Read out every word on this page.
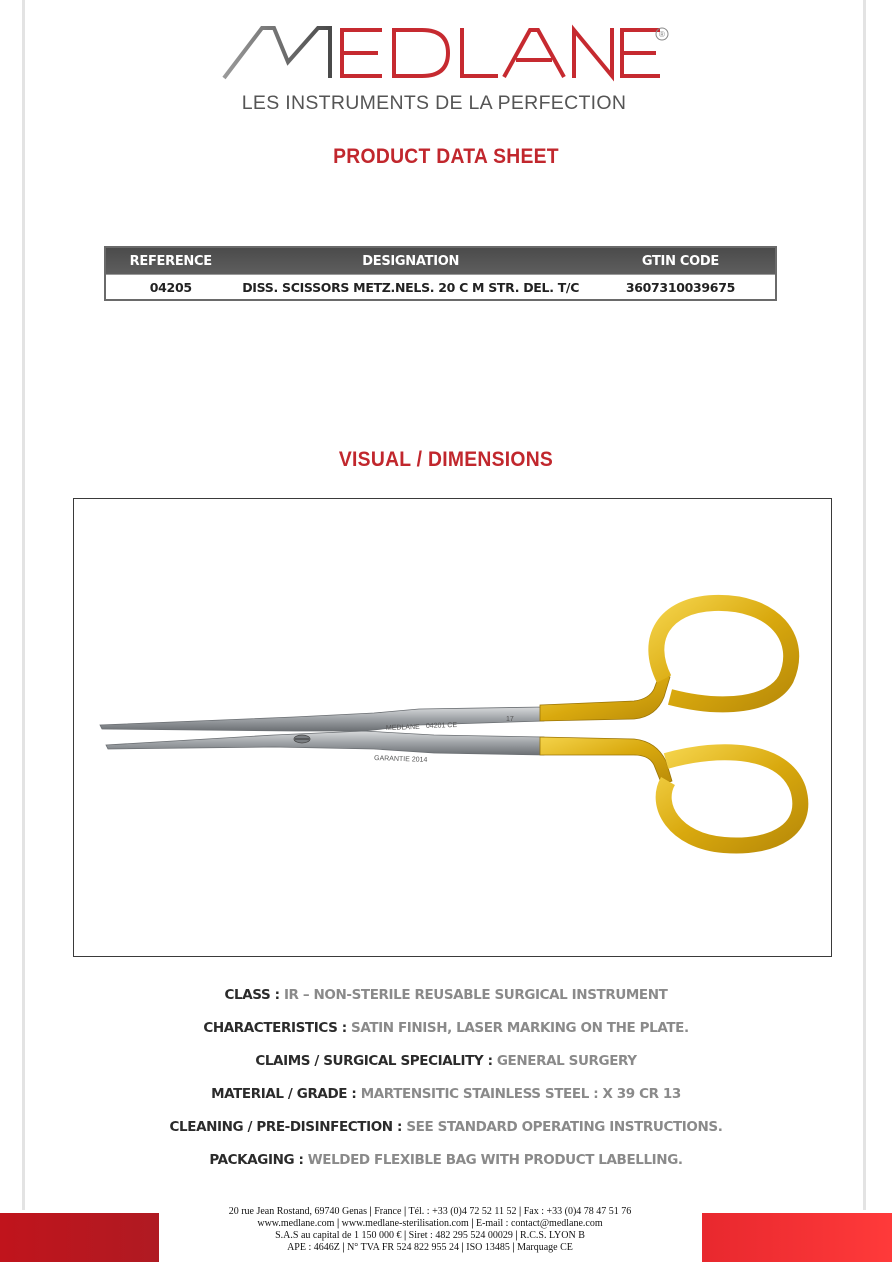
®
LES INSTRUMENTS DE LA PERFECTION
PRODUCT DATA SHEET
REFERENCE	DESIGNATION	GTIN CODE
04205	DISS. SCISSORS METZ.NELS. 20 C M STR. DEL. T/C	3607310039675
VISUAL / DIMENSIONS
MEDLANE 04201 CE
17
GARANTIE 2014
CLASS : IR – NON-STERILE REUSABLE SURGICAL INSTRUMENT
CHARACTERISTICS : SATIN FINISH, LASER MARKING ON THE PLATE.
CLAIMS / SURGICAL SPECIALITY : GENERAL SURGERY
MATERIAL / GRADE : MARTENSITIC STAINLESS STEEL : X 39 CR 13
CLEANING / PRE-DISINFECTION : SEE STANDARD OPERATING INSTRUCTIONS.
PACKAGING : WELDED FLEXIBLE BAG WITH PRODUCT LABELLING.
20 rue Jean Rostand, 69740 Genas | France | Tél. : +33 (0)4 72 52 11 52 | Fax : +33 (0)4 78 47 51 76
www.medlane.com | www.medlane-sterilisation.com | E-mail : contact@medlane.com
S.A.S au capital de 1 150 000 € | Siret : 482 295 524 00029 | R.C.S. LYON B
APE : 4646Z | N° TVA FR 524 822 955 24 | ISO 13485 | Marquage CE
